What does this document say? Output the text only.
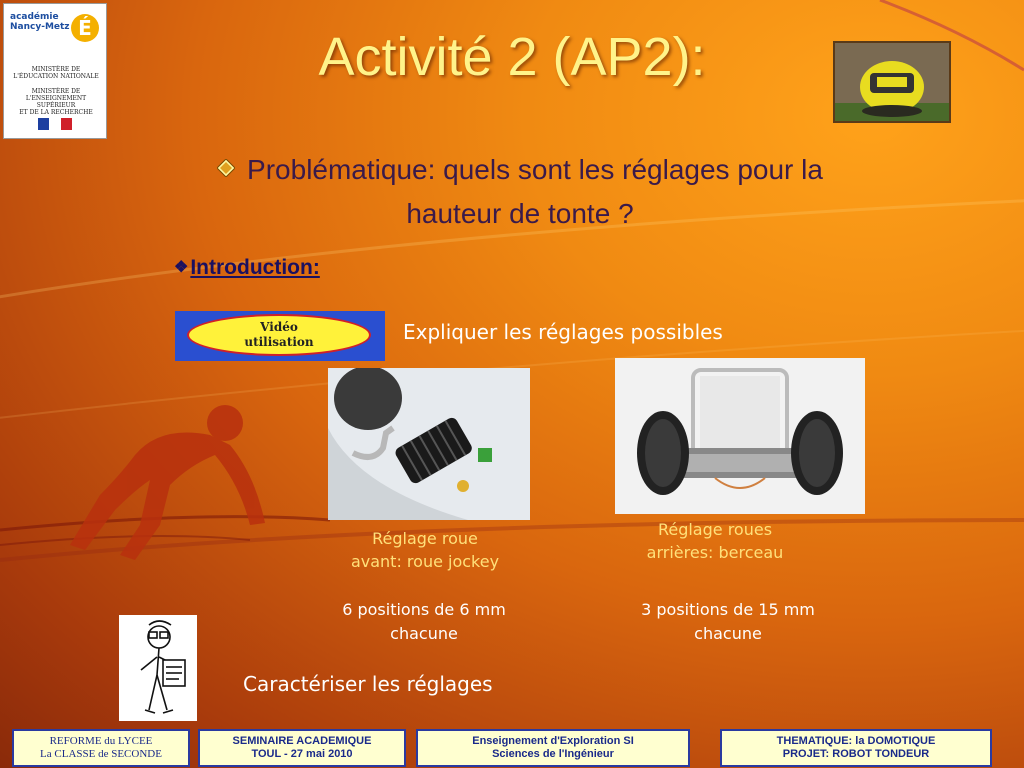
académie
Nancy-Metz É
MINISTÈRE DE
L'ÉDUCATION NATIONALE
MINISTÈRE DE
L'ENSEIGNEMENT SUPÉRIEUR
ET DE LA RECHERCHE
Activité 2 (AP2):
Problématique: quels sont les réglages pour la
hauteur de tonte ?
❖Introduction:
Vidéo
utilisation	Expliquer les réglages possibles
Réglage roue
avant: roue jockey
Réglage roues
arrières: berceau
6 positions de 6 mm
chacune
3 positions de 15 mm
chacune
Caractériser les réglages
REFORME du LYCEE
La CLASSE de SECONDE
SEMINAIRE ACADEMIQUE
TOUL - 27 mai 2010
Enseignement d'Exploration SI
Sciences de l'Ingénieur
THEMATIQUE: la DOMOTIQUE
PROJET: ROBOT TONDEUR
